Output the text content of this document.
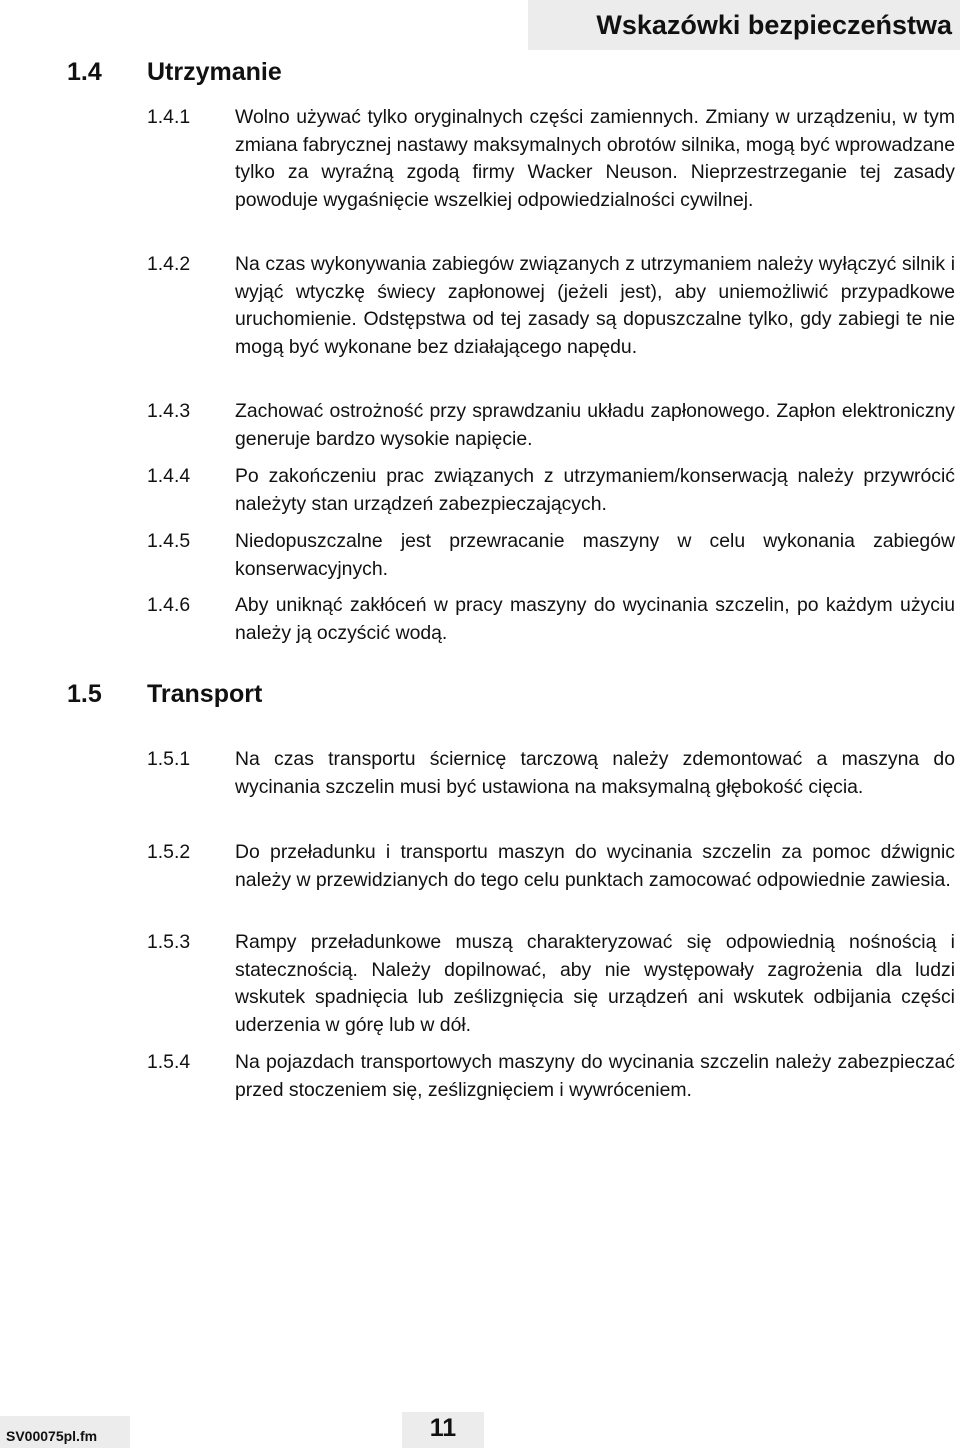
Wskazówki bezpieczeństwa
1.4 Utrzymanie
1.4.1	Wolno używać tylko oryginalnych części zamiennych. Zmiany w urządzeniu, w tym zmiana fabrycznej nastawy maksymalnych obrotów silnika, mogą być wprowadzane tylko za wyraźną zgodą firmy Wacker Neuson. Nieprzestrzeganie tej zasady powoduje wygaśnięcie wszelkiej odpowiedzialności cywilnej.
1.4.2	Na czas wykonywania zabiegów związanych z utrzymaniem należy wyłączyć silnik i wyjąć wtyczkę świecy zapłonowej (jeżeli jest), aby uniemożliwić przypadkowe uruchomienie. Odstępstwa od tej zasady są dopuszczalne tylko, gdy zabiegi te nie mogą być wykonane bez działającego napędu.
1.4.3	Zachować ostrożność przy sprawdzaniu układu zapłonowego. Zapłon elektroniczny generuje bardzo wysokie napięcie.
1.4.4	Po zakończeniu prac związanych z utrzymaniem/konserwacją należy przywrócić należyty stan urządzeń zabezpieczających.
1.4.5	Niedopuszczalne jest przewracanie maszyny w celu wykonania zabiegów konserwacyjnych.
1.4.6	Aby uniknąć zakłóceń w pracy maszyny do wycinania szczelin, po każdym użyciu należy ją oczyścić wodą.
1.5 Transport
1.5.1	Na czas transportu ściernicę tarczową należy zdemontować a maszyna do wycinania szczelin musi być ustawiona na maksymalną głębokość cięcia.
1.5.2	Do przeładunku i transportu maszyn do wycinania szczelin za pomoc dźwignic należy w przewidzianych do tego celu punktach zamocować odpowiednie zawiesia.
1.5.3	Rampy przeładunkowe muszą charakteryzować się odpowiednią nośnością i statecznością. Należy dopilnować, aby nie występowały zagrożenia dla ludzi wskutek spadnięcia lub ześlizgnięcia się urządzeń ani wskutek odbijania części uderzenia w górę lub w dół.
1.5.4	Na pojazdach transportowych maszyny do wycinania szczelin należy zabezpieczać przed stoczeniem się, ześlizgnięciem i wywróceniem.
SV00075pl.fm	11
